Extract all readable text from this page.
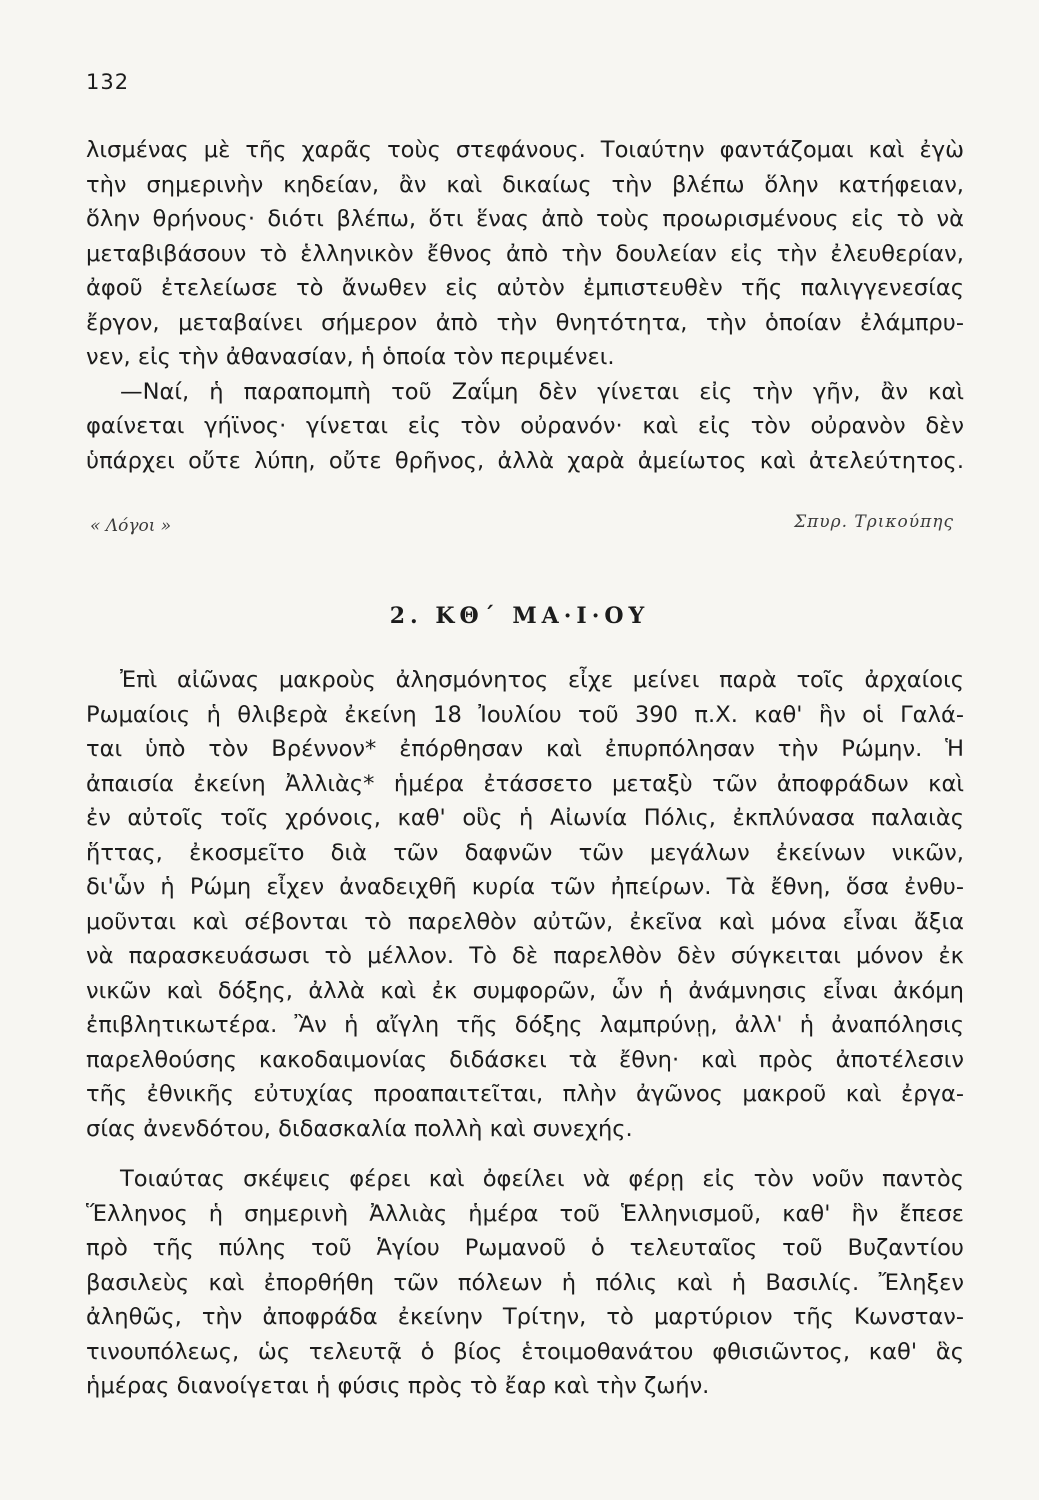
132
λισμένας μὲ τῆς χαρᾶς τοὺς στεφάνους. Τοιαύτην φαντάζομαι καὶ ἐγὼ
τὴν σημερινὴν κηδείαν, ἂν καὶ δικαίως τὴν βλέπω ὅλην κατήφειαν,
ὅλην θρήνους· διότι βλέπω, ὅτι ἕνας ἀπὸ τοὺς προωρισμένους εἰς τὸ νὰ
μεταβιβάσουν τὸ ἑλληνικὸν ἔθνος ἀπὸ τὴν δουλείαν εἰς τὴν ἐλευθερίαν,
ἀφοῦ ἐτελείωσε τὸ ἄνωθεν εἰς αὐτὸν ἐμπιστευθὲν τῆς παλιγγενεσίας
ἔργον, μεταβαίνει σήμερον ἀπὸ τὴν θνητότητα, τὴν ὁποίαν ἐλάμπρυ-
νεν, εἰς τὴν ἀθανασίαν, ἡ ὁποία τὸν περιμένει.
—Ναί, ἡ παραπομπὴ τοῦ Ζαΐμη δὲν γίνεται εἰς τὴν γῆν, ἂν καὶ
φαίνεται γήϊνος· γίνεται εἰς τὸν οὐρανόν· καὶ εἰς τὸν οὐρανὸν δὲν
ὑπάρχει οὔτε λύπη, οὔτε θρῆνος, ἀλλὰ χαρὰ ἀμείωτος καὶ ἀτελεύτητος.
« Λόγοι »	Σπυρ. Τρικούπης
2. ΚΘ΄ ΜΑ·Ι·ΟΥ
Ἐπὶ αἰῶνας μακροὺς ἀλησμόνητος εἶχε μείνει παρὰ τοῖς ἀρχαίοις
Ρωμαίοις ἡ θλιβερὰ ἐκείνη 18 Ἰουλίου τοῦ 390 π.Χ. καθ' ἣν οἱ Γαλά-
ται ὑπὸ τὸν Βρέννον* ἐπόρθησαν καὶ ἐπυρπόλησαν τὴν Ρώμην. Ἡ
ἀπαισία ἐκείνη Ἀλλιὰς* ἡμέρα ἐτάσσετο μεταξὺ τῶν ἀποφράδων καὶ
ἐν αὐτοῖς τοῖς χρόνοις, καθ' οὓς ἡ Αἰωνία Πόλις, ἐκπλύνασα παλαιὰς
ἥττας, ἐκοσμεῖτο διὰ τῶν δαφνῶν τῶν μεγάλων ἐκείνων νικῶν,
δι'ὧν ἡ Ρώμη εἶχεν ἀναδειχθῆ κυρία τῶν ἠπείρων. Τὰ ἔθνη, ὅσα ἐνθυ-
μοῦνται καὶ σέβονται τὸ παρελθὸν αὐτῶν, ἐκεῖνα καὶ μόνα εἶναι ἄξια
νὰ παρασκευάσωσι τὸ μέλλον. Τὸ δὲ παρελθὸν δὲν σύγκειται μόνον ἐκ
νικῶν καὶ δόξης, ἀλλὰ καὶ ἐκ συμφορῶν, ὧν ἡ ἀνάμνησις εἶναι ἀκόμη
ἐπιβλητικωτέρα. Ἂν ἡ αἴγλη τῆς δόξης λαμπρύνῃ, ἀλλ' ἡ ἀναπόλησις
παρελθούσης κακοδαιμονίας διδάσκει τὰ ἔθνη· καὶ πρὸς ἀποτέλεσιν
τῆς ἐθνικῆς εὐτυχίας προαπαιτεῖται, πλὴν ἀγῶνος μακροῦ καὶ ἐργα-
σίας ἀνενδότου, διδασκαλία πολλὴ καὶ συνεχής.
Τοιαύτας σκέψεις φέρει καὶ ὀφείλει νὰ φέρῃ εἰς τὸν νοῦν παντὸς
Ἕλληνος ἡ σημερινὴ Ἀλλιὰς ἡμέρα τοῦ Ἑλληνισμοῦ, καθ' ἣν ἔπεσε
πρὸ τῆς πύλης τοῦ Ἁγίου Ρωμανοῦ ὁ τελευταῖος τοῦ Βυζαντίου
βασιλεὺς καὶ ἐπορθήθη τῶν πόλεων ἡ πόλις καὶ ἡ Βασιλίς. Ἔληξεν
ἀληθῶς, τὴν ἀποφράδα ἐκείνην Τρίτην, τὸ μαρτύριον τῆς Κωνσταν-
τινουπόλεως, ὡς τελευτᾷ ὁ βίος ἑτοιμοθανάτου φθισιῶντος, καθ' ἃς
ἡμέρας διανοίγεται ἡ φύσις πρὸς τὸ ἔαρ καὶ τὴν ζωήν.
